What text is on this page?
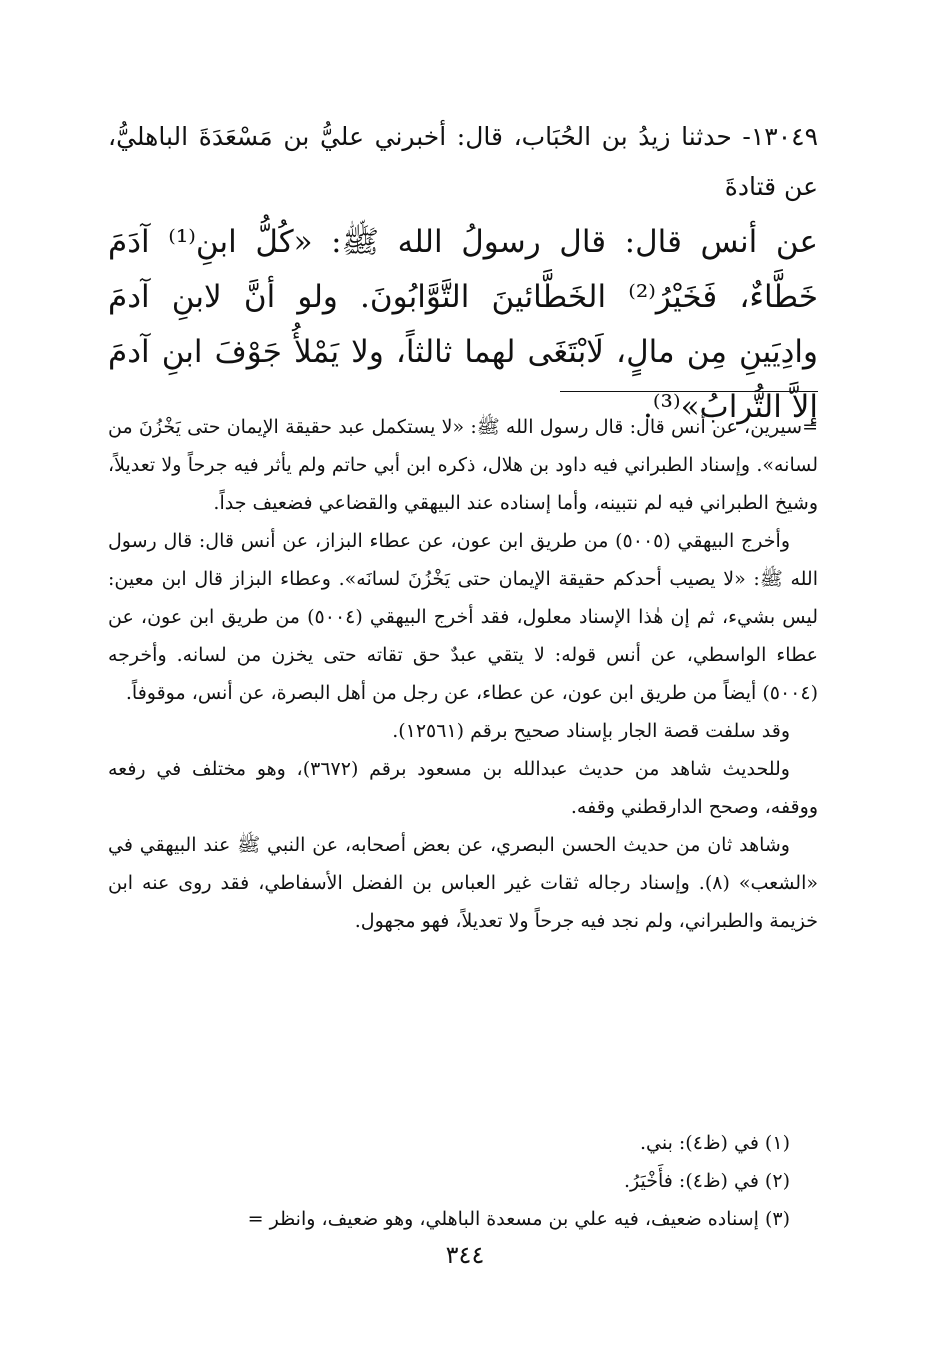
١٣٠٤٩- حدثنا زيدُ بن الحُبَاب، قال: أخبرني عليُّ بن مَسْعَدَةَ الباهليُّ، عن قتادةَ
عن أنس قال: قال رسولُ الله ﷺ: «كُلُّ ابنِ⁽¹⁾ آدَمَ خَطَّاءٌ، فَخَيْرُ⁽²⁾ الخَطَّائينَ التَّوَّابُونَ. ولو أنَّ لابنِ آدمَ وادِيَينِ مِن مالٍ، لَابْتَغَى لهما ثالثاً، ولا يَمْلأُ جَوْفَ ابنِ آدمَ إلاَّ التُّرابُ»⁽³⁾.

=سيرين، عن أنس قال: قال رسول الله ﷺ: «لا يستكمل عبد حقيقة الإيمان حتى يَخْزُنَ من لسانه». وإسناد الطبراني فيه داود بن هلال، ذكره ابن أبي حاتم ولم يأثر فيه جرحاً ولا تعديلاً، وشيخ الطبراني فيه لم نتبينه، وأما إسناده عند البيهقي والقضاعي فضعيف جداً.

وأخرج البيهقي (٥٠٠٥) من طريق ابن عون، عن عطاء البزاز، عن أنس قال: قال رسول الله ﷺ: «لا يصيب أحدكم حقيقة الإيمان حتى يَخْزُنَ لسانَه». وعطاء البزاز قال ابن معين: ليس بشيء، ثم إن هٰذا الإسناد معلول، فقد أخرج البيهقي (٥٠٠٤) من طريق ابن عون، عن عطاء الواسطي، عن أنس قوله: لا يتقي عبدٌ حق تقاته حتى يخزن من لسانه. وأخرجه (٥٠٠٤) أيضاً من طريق ابن عون، عن عطاء، عن رجل من أهل البصرة، عن أنس، موقوفاً.

وقد سلفت قصة الجار بإسناد صحيح برقم (١٢٥٦١).

وللحديث شاهد من حديث عبدالله بن مسعود برقم (٣٦٧٢)، وهو مختلف في رفعه ووقفه، وصحح الدارقطني وقفه.

وشاهد ثان من حديث الحسن البصري، عن بعض أصحابه، عن النبي ﷺ عند البيهقي في «الشعب» (٨). وإسناد رجاله ثقات غير العباس بن الفضل الأسفاطي، فقد روى عنه ابن خزيمة والطبراني، ولم نجد فيه جرحاً ولا تعديلاً، فهو مجهول.

(١) في (ظ٤): بني.

(٢) في (ظ٤): فأَخْيَرُ.

(٣) إسناده ضعيف، فيه علي بن مسعدة الباهلي، وهو ضعيف، وانظر =

٣٤٤
